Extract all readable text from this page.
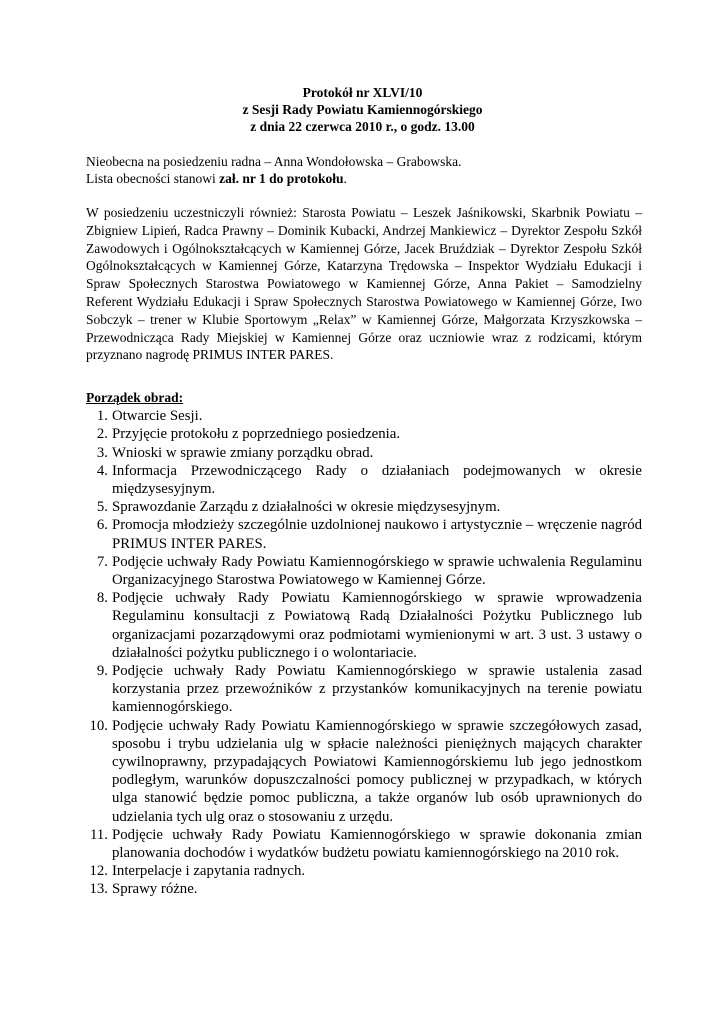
Protokół nr XLVI/10
z Sesji Rady Powiatu Kamiennogórskiego
z dnia 22 czerwca 2010 r., o godz. 13.00
Nieobecna na posiedzeniu radna – Anna Wondołowska – Grabowska.
Lista obecności stanowi zał. nr 1 do protokołu.
W posiedzeniu uczestniczyli również: Starosta Powiatu – Leszek Jaśnikowski, Skarbnik Powiatu – Zbigniew Lipień, Radca Prawny – Dominik Kubacki, Andrzej Mankiewicz – Dyrektor Zespołu Szkół Zawodowych i Ogólnokształcących w Kamiennej Górze, Jacek Bruździak – Dyrektor Zespołu Szkół Ogólnokształcących w Kamiennej Górze, Katarzyna Trędowska – Inspektor Wydziału Edukacji i Spraw Społecznych Starostwa Powiatowego w Kamiennej Górze, Anna Pakiet – Samodzielny Referent Wydziału Edukacji i Spraw Społecznych Starostwa Powiatowego w Kamiennej Górze, Iwo Sobczyk – trener w Klubie Sportowym „Relax” w Kamiennej Górze, Małgorzata Krzyszkowska – Przewodnicząca Rady Miejskiej w Kamiennej Górze oraz uczniowie wraz z rodzicami, którym przyznano nagrodę PRIMUS INTER PARES.
Porządek obrad:
1. Otwarcie Sesji.
2. Przyjęcie protokołu z poprzedniego posiedzenia.
3. Wnioski w sprawie zmiany porządku obrad.
4. Informacja Przewodniczącego Rady o działaniach podejmowanych w okresie międzysesyjnym.
5. Sprawozdanie Zarządu z działalności w okresie międzysesyjnym.
6. Promocja młodzieży szczególnie uzdolnionej naukowo i artystycznie – wręczenie nagród PRIMUS INTER PARES.
7. Podjęcie uchwały Rady Powiatu Kamiennogórskiego w sprawie uchwalenia Regulaminu Organizacyjnego Starostwa Powiatowego w Kamiennej Górze.
8. Podjęcie uchwały Rady Powiatu Kamiennogórskiego w sprawie wprowadzenia Regulaminu konsultacji z Powiatową Radą Działalności Pożytku Publicznego lub organizacjami pozarządowymi oraz podmiotami wymienionymi w art. 3 ust. 3 ustawy o działalności pożytku publicznego i o wolontariacie.
9. Podjęcie uchwały Rady Powiatu Kamiennogórskiego w sprawie ustalenia zasad korzystania przez przewoźników z przystanków komunikacyjnych na terenie powiatu kamiennogórskiego.
10. Podjęcie uchwały Rady Powiatu Kamiennogórskiego w sprawie szczegółowych zasad, sposobu i trybu udzielania ulg w spłacie należności pieniężnych mających charakter cywilnoprawny, przypadających Powiatowi Kamiennogórskiemu lub jego jednostkom podległym, warunków dopuszczalności pomocy publicznej w przypadkach, w których ulga stanowić będzie pomoc publiczna, a także organów lub osób uprawnionych do udzielania tych ulg oraz o stosowaniu z urzędu.
11. Podjęcie uchwały Rady Powiatu Kamiennogórskiego w sprawie dokonania zmian planowania dochodów i wydatków budżetu powiatu kamiennogórskiego na 2010 rok.
12. Interpelacje i zapytania radnych.
13. Sprawy różne.
